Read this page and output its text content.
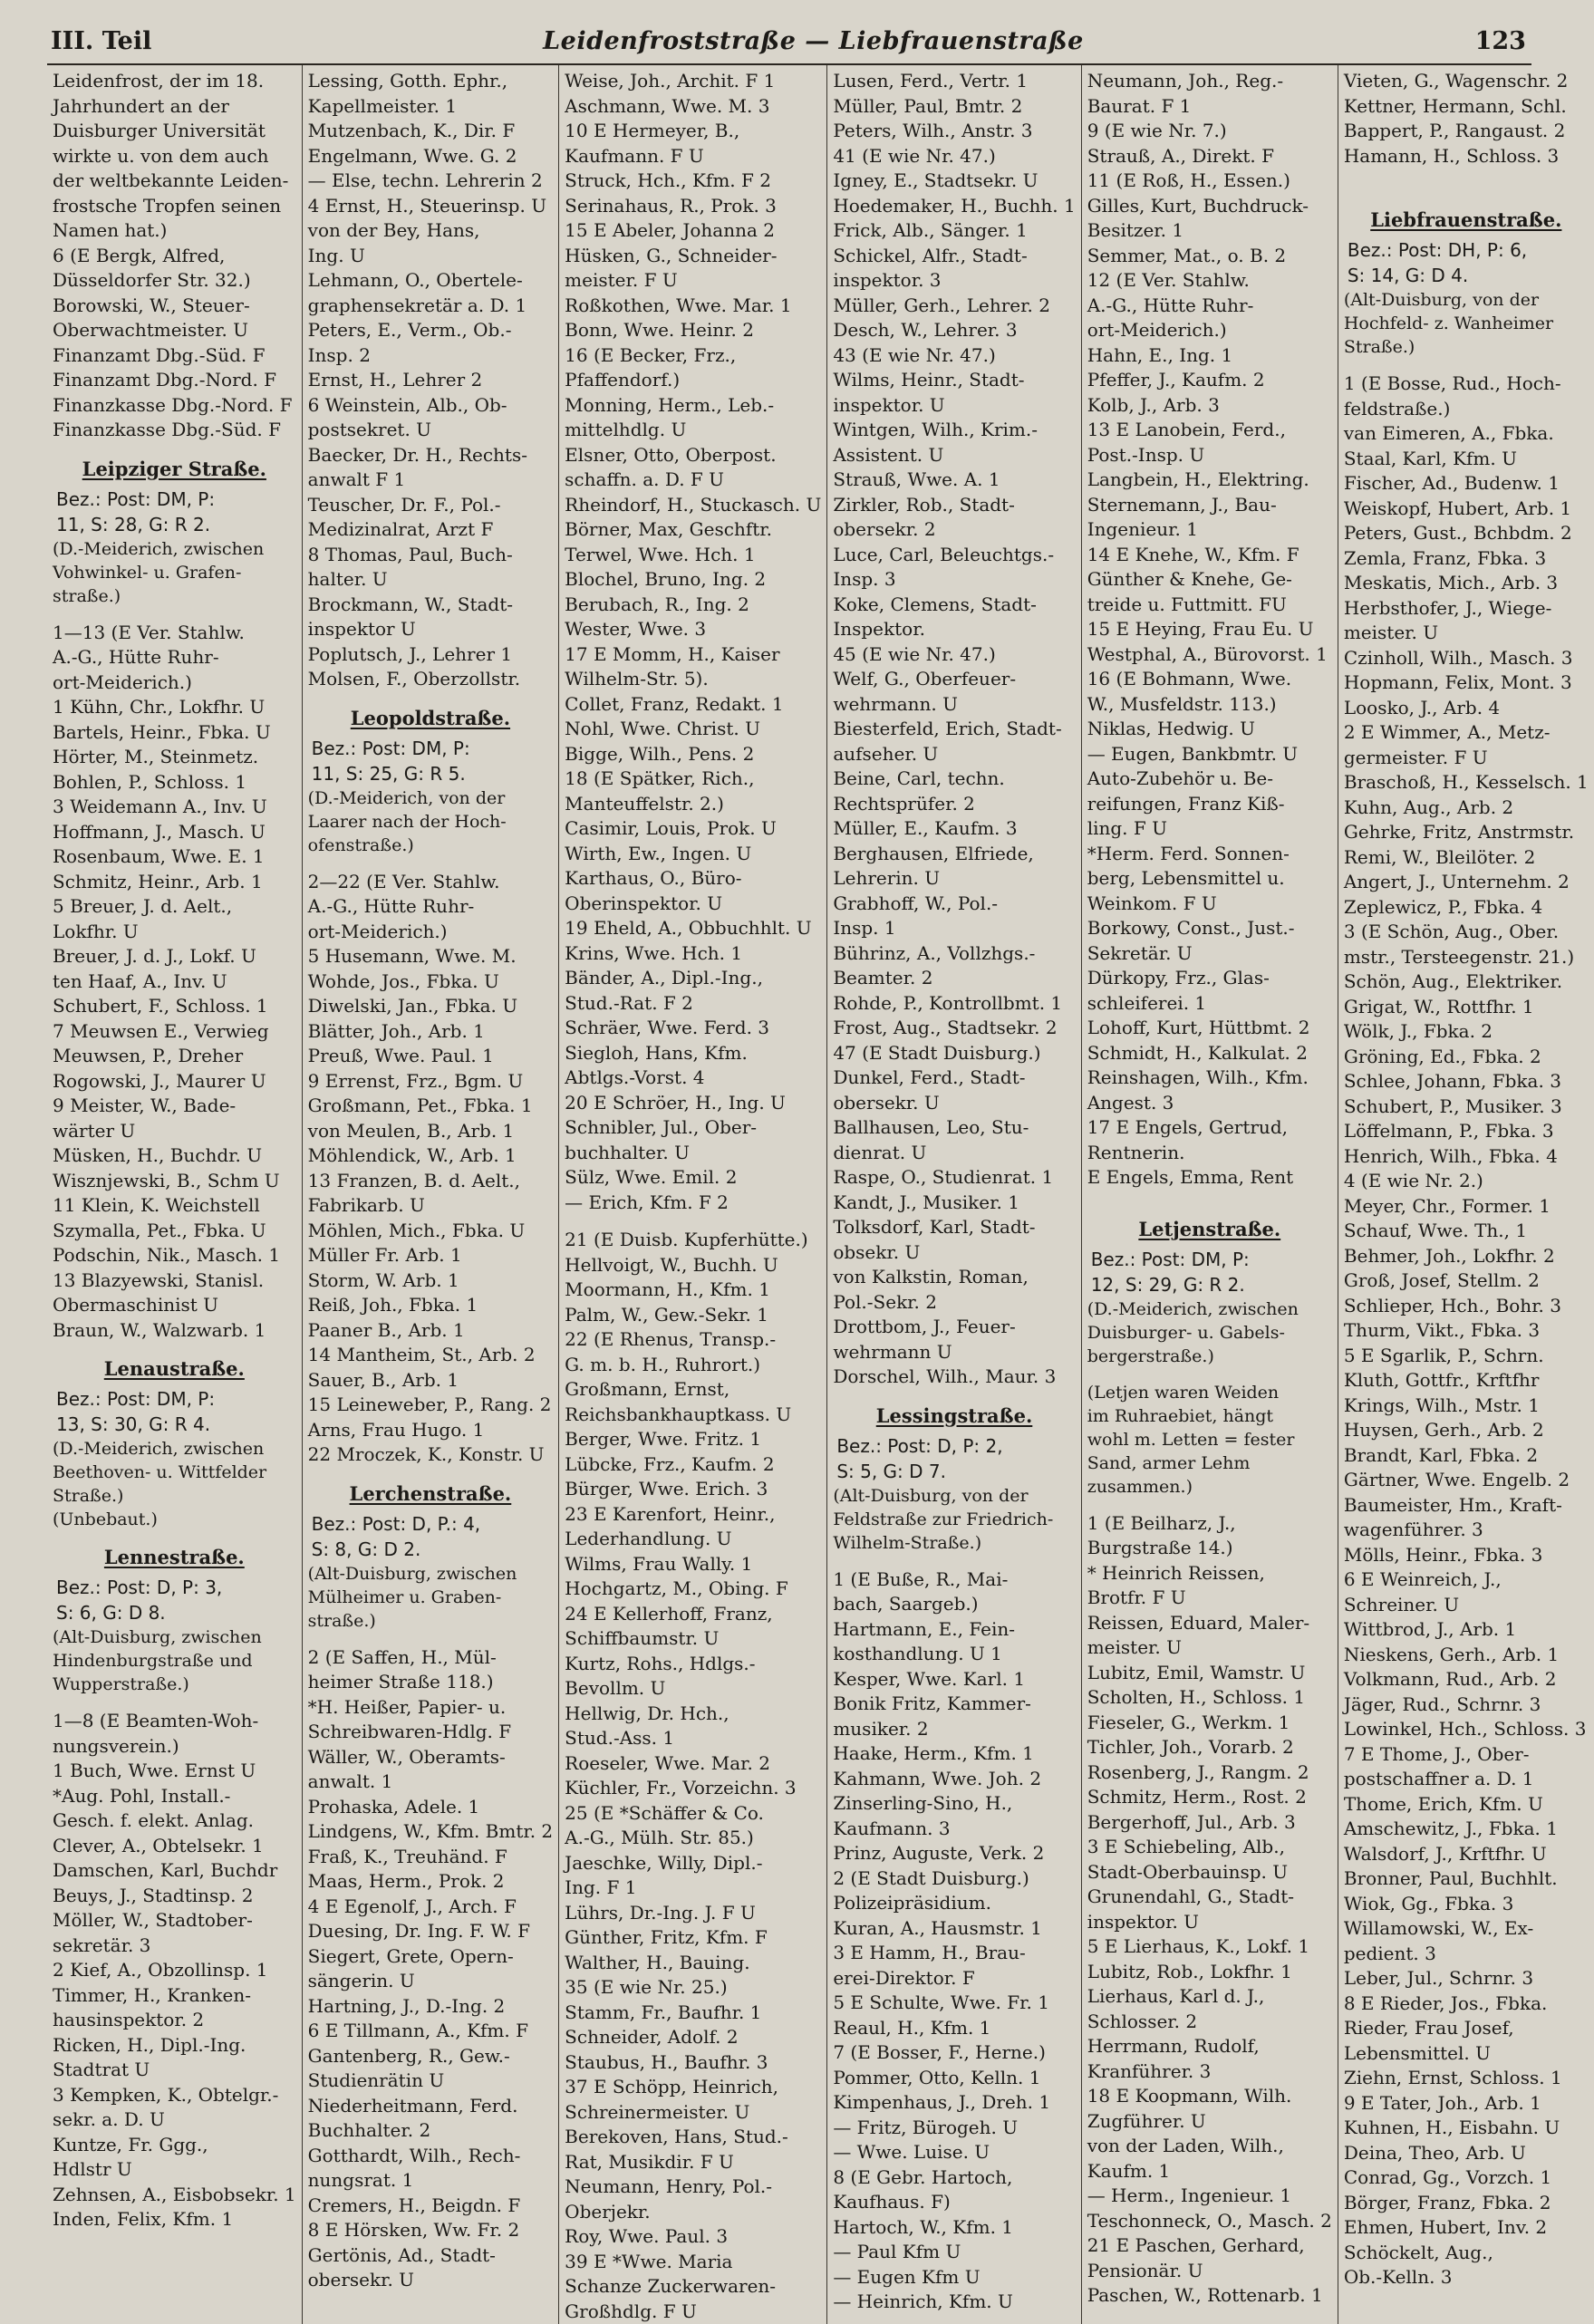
III. Teil	Leidenfroststraße — Liebfrauenstraße	123
Leidenfrost, der im 18.
Jahrhundert an der
Duisburger Universität
wirkte u. von dem auch
der weltbekannte Leiden-
frostsche Tropfen seinen
Namen hat.)
6 (E Bergk, Alfred,
Düsseldorfer Str. 32.)
Borowski, W., Steuer-
Oberwachtmeister. U
Finanzamt Dbg.-Süd. F
Finanzamt Dbg.-Nord. F
Finanzkasse Dbg.-Nord. F
Finanzkasse Dbg.-Süd. F
Leipziger Straße.
Bez.: Post: DM, P:
11, S: 28, G: R 2.
(D.-Meiderich, zwischen
Vohwinkel- u. Grafen-
straße.)
1—13 (E Ver. Stahlw.
A.-G., Hütte Ruhr-
ort-Meiderich.)
1 Kühn, Chr., Lokfhr. U
Bartels, Heinr., Fbka. U
Hörter, M., Steinmetz.
Bohlen, P., Schloss. 1
3 Weidemann A., Inv. U
Hoffmann, J., Masch. U
Rosenbaum, Wwe. E. 1
Schmitz, Heinr., Arb. 1
5 Breuer, J. d. Aelt.,
Lokfhr. U
Breuer, J. d. J., Lokf. U
ten Haaf, A., Inv. U
Schubert, F., Schloss. 1
7 Meuwsen E., Verwieg
Meuwsen, P., Dreher
Rogowski, J., Maurer U
9 Meister, W., Bade-
wärter U
Müsken, H., Buchdr. U
Wisznjewski, B., Schm U
11 Klein, K. Weichstell
Szymalla, Pet., Fbka. U
Podschin, Nik., Masch. 1
13 Blazyewski, Stanisl.
Obermaschinist U
Braun, W., Walzwarb. 1
Lenaustraße.
Bez.: Post: DM, P:
13, S: 30, G: R 4.
(D.-Meiderich, zwischen
Beethoven- u. Wittfelder
Straße.)
(Unbebaut.)
Lennestraße.
Bez.: Post: D, P: 3,
S: 6, G: D 8.
(Alt-Duisburg, zwischen
Hindenburgstraße und
Wupperstraße.)
1—8 (E Beamten-Woh-
nungsverein.)
1 Buch, Wwe. Ernst U
*Aug. Pohl, Install.-
Gesch. f. elekt. Anlag.
Clever, A., Obtelsekr. 1
Damschen, Karl, Buchdr
Beuys, J., Stadtinsp. 2
Möller, W., Stadtober-
sekretär. 3
2 Kief, A., Obzollinsp. 1
Timmer, H., Kranken-
hausinspektor. 2
Ricken, H., Dipl.-Ing.
Stadtrat U
3 Kempken, K., Obtelgr.-
sekr. a. D. U
Kuntze, Fr. Ggg.,
Hdlstr U
Zehnsen, A., Eisbobsekr. 1
Inden, Felix, Kfm. 1
Lessing, Gotth. Ephr.,
Kapellmeister. 1
Mutzenbach, K., Dir. F
Engelmann, Wwe. G. 2
— Else, techn. Lehrerin 2
4 Ernst, H., Steuerinsp. U
von der Bey, Hans,
Ing. U
Lehmann, O., Obertele-
graphensekretär a. D. 1
Peters, E., Verm., Ob.-
Insp. 2
Ernst, H., Lehrer 2
6 Weinstein, Alb., Ob-
postsekret. U
Baecker, Dr. H., Rechts-
anwalt F 1
Teuscher, Dr. F., Pol.-
Medizinalrat, Arzt F
8 Thomas, Paul, Buch-
halter. U
Brockmann, W., Stadt-
inspektor U
Poplutsch, J., Lehrer 1
Molsen, F., Oberzollstr.
Leopoldstraße.
Bez.: Post: DM, P:
11, S: 25, G: R 5.
(D.-Meiderich, von der
Laarer nach der Hoch-
ofenstraße.)
2—22 (E Ver. Stahlw.
A.-G., Hütte Ruhr-
ort-Meiderich.)
5 Husemann, Wwe. M.
Wohde, Jos., Fbka. U
Diwelski, Jan., Fbka. U
Blätter, Joh., Arb. 1
Preuß, Wwe. Paul. 1
9 Errenst, Frz., Bgm. U
Großmann, Pet., Fbka. 1
von Meulen, B., Arb. 1
Möhlendick, W., Arb. 1
13 Franzen, B. d. Aelt.,
Fabrikarb. U
Möhlen, Mich., Fbka. U
Müller Fr. Arb. 1
Storm, W. Arb. 1
Reiß, Joh., Fbka. 1
Paaner B., Arb. 1
14 Mantheim, St., Arb. 2
Sauer, B., Arb. 1
15 Leineweber, P., Rang. 2
Arns, Frau Hugo. 1
22 Mroczek, K., Konstr. U
Lerchenstraße.
Bez.: Post: D, P.: 4,
S: 8, G: D 2.
(Alt-Duisburg, zwischen
Mülheimer u. Graben-
straße.)
2 (E Saffen, H., Mül-
heimer Straße 118.)
*H. Heißer, Papier- u.
Schreibwaren-Hdlg. F
Wäller, W., Oberamts-
anwalt. 1
Prohaska, Adele. 1
Lindgens, W., Kfm. Bmtr. 2
Fraß, K., Treuhänd. F
Maas, Herm., Prok. 2
4 E Egenolf, J., Arch. F
Duesing, Dr. Ing. F. W. F
Siegert, Grete, Opern-
sängerin. U
Hartning, J., D.-Ing. 2
6 E Tillmann, A., Kfm. F
Gantenberg, R., Gew.-
Studienrätin U
Niederheitmann, Ferd.
Buchhalter. 2
Gotthardt, Wilh., Rech-
nungsrat. 1
Cremers, H., Beigdn. F
8 E Hörsken, Ww. Fr. 2
Gertönis, Ad., Stadt-
obersekr. U
Weise, Joh., Archit. F 1
Aschmann, Wwe. M. 3
10 E Hermeyer, B.,
Kaufmann. F U
Struck, Hch., Kfm. F 2
Serinahaus, R., Prok. 3
15 E Abeler, Johanna 2
Hüsken, G., Schneider-
meister. F U
Roßkothen, Wwe. Mar. 1
Bonn, Wwe. Heinr. 2
16 (E Becker, Frz.,
Pfaffendorf.)
Monning, Herm., Leb.-
mittelhdlg. U
Elsner, Otto, Oberpost.
schaffn. a. D. F U
Rheindorf, H., Stuckasch. U
Börner, Max, Geschftr.
Terwel, Wwe. Hch. 1
Blochel, Bruno, Ing. 2
Berubach, R., Ing. 2
Wester, Wwe. 3
17 E Momm, H., Kaiser
Wilhelm-Str. 5).
Collet, Franz, Redakt. 1
Nohl, Wwe. Christ. U
Bigge, Wilh., Pens. 2
18 (E Spätker, Rich.,
Manteuffelstr. 2.)
Casimir, Louis, Prok. U
Wirth, Ew., Ingen. U
Karthaus, O., Büro-
Oberinspektor. U
19 Eheld, A., Obbuchhlt. U
Krins, Wwe. Hch. 1
Bänder, A., Dipl.-Ing.,
Stud.-Rat. F 2
Schräer, Wwe. Ferd. 3
Siegloh, Hans, Kfm.
Abtlgs.-Vorst. 4
20 E Schröer, H., Ing. U
Schnibler, Jul., Ober-
buchhalter. U
Sülz, Wwe. Emil. 2
— Erich, Kfm. F 2
21 (E Duisb. Kupferhütte.)
Hellvoigt, W., Buchh. U
Moormann, H., Kfm. 1
Palm, W., Gew.-Sekr. 1
22 (E Rhenus, Transp.-
G. m. b. H., Ruhrort.)
Großmann, Ernst,
Reichsbankhauptkass. U
Berger, Wwe. Fritz. 1
Lübcke, Frz., Kaufm. 2
Bürger, Wwe. Erich. 3
23 E Karenfort, Heinr.,
Lederhandlung. U
Wilms, Frau Wally. 1
Hochgartz, M., Obing. F
24 E Kellerhoff, Franz,
Schiffbaumstr. U
Kurtz, Rohs., Hdlgs.-
Bevollm. U
Hellwig, Dr. Hch.,
Stud.-Ass. 1
Roeseler, Wwe. Mar. 2
Küchler, Fr., Vorzeichn. 3
25 (E *Schäffer & Co.
A.-G., Mülh. Str. 85.)
Jaeschke, Willy, Dipl.-
Ing. F 1
Lührs, Dr.-Ing. J. F U
Günther, Fritz, Kfm. F
Walther, H., Bauing.
35 (E wie Nr. 25.)
Stamm, Fr., Baufhr. 1
Schneider, Adolf. 2
Staubus, H., Baufhr. 3
37 E Schöpp, Heinrich,
Schreinermeister. U
Berekoven, Hans, Stud.-
Rat, Musikdir. F U
Neumann, Henry, Pol.-
Oberjekr.
Roy, Wwe. Paul. 3
39 E *Wwe. Maria
Schanze Zuckerwaren-
Großhdlg. F U
Lusen, Ferd., Vertr. 1
Müller, Paul, Bmtr. 2
Peters, Wilh., Anstr. 3
41 (E wie Nr. 47.)
Igney, E., Stadtsekr. U
Hoedemaker, H., Buchh. 1
Frick, Alb., Sänger. 1
Schickel, Alfr., Stadt-
inspektor. 3
Müller, Gerh., Lehrer. 2
Desch, W., Lehrer. 3
43 (E wie Nr. 47.)
Wilms, Heinr., Stadt-
inspektor. U
Wintgen, Wilh., Krim.-
Assistent. U
Strauß, Wwe. A. 1
Zirkler, Rob., Stadt-
obersekr. 2
Luce, Carl, Beleuchtgs.-
Insp. 3
Koke, Clemens, Stadt-
Inspektor.
45 (E wie Nr. 47.)
Welf, G., Oberfeuer-
wehrmann. U
Biesterfeld, Erich, Stadt-
aufseher. U
Beine, Carl, techn.
Rechtsprüfer. 2
Müller, E., Kaufm. 3
Berghausen, Elfriede,
Lehrerin. U
Grabhoff, W., Pol.-
Insp. 1
Bührinz, A., Vollzhgs.-
Beamter. 2
Rohde, P., Kontrollbmt. 1
Frost, Aug., Stadtsekr. 2
47 (E Stadt Duisburg.)
Dunkel, Ferd., Stadt-
obersekr. U
Ballhausen, Leo, Stu-
dienrat. U
Raspe, O., Studienrat. 1
Kandt, J., Musiker. 1
Tolksdorf, Karl, Stadt-
obsekr. U
von Kalkstin, Roman,
Pol.-Sekr. 2
Drottbom, J., Feuer-
wehrmann U
Dorschel, Wilh., Maur. 3
Lessingstraße.
Bez.: Post: D, P: 2,
S: 5, G: D 7.
(Alt-Duisburg, von der
Feldstraße zur Friedrich-
Wilhelm-Straße.)
1 (E Buße, R., Mai-
bach, Saargeb.)
Hartmann, E., Fein-
kosthandlung. U 1
Kesper, Wwe. Karl. 1
Bonik Fritz, Kammer-
musiker. 2
Haake, Herm., Kfm. 1
Kahmann, Wwe. Joh. 2
Zinserling-Sino, H.,
Kaufmann. 3
Prinz, Auguste, Verk. 2
2 (E Stadt Duisburg.)
Polizeipräsidium.
Kuran, A., Hausmstr. 1
3 E Hamm, H., Brau-
erei-Direktor. F
5 E Schulte, Wwe. Fr. 1
Reaul, H., Kfm. 1
7 (E Bosser, F., Herne.)
Pommer, Otto, Kelln. 1
Kimpenhaus, J., Dreh. 1
— Fritz, Bürogeh. U
— Wwe. Luise. U
8 (E Gebr. Hartoch,
Kaufhaus. F)
Hartoch, W., Kfm. 1
— Paul Kfm U
— Eugen Kfm U
— Heinrich, Kfm. U
Neumann, Joh., Reg.-
Baurat. F 1
9 (E wie Nr. 7.)
Strauß, A., Direkt. F
11 (E Roß, H., Essen.)
Gilles, Kurt, Buchdruck-
Besitzer. 1
Semmer, Mat., o. B. 2
12 (E Ver. Stahlw.
A.-G., Hütte Ruhr-
ort-Meiderich.)
Hahn, E., Ing. 1
Pfeffer, J., Kaufm. 2
Kolb, J., Arb. 3
13 E Lanobein, Ferd.,
Post.-Insp. U
Langbein, H., Elektring.
Sternemann, J., Bau-
Ingenieur. 1
14 E Knehe, W., Kfm. F
Günther & Knehe, Ge-
treide u. Futtmitt. FU
15 E Heying, Frau Eu. U
Westphal, A., Bürovorst. 1
16 (E Bohmann, Wwe.
W., Musfeldstr. 113.)
Niklas, Hedwig. U
— Eugen, Bankbmtr. U
Auto-Zubehör u. Be-
reifungen, Franz Kiß-
ling. F U
*Herm. Ferd. Sonnen-
berg, Lebensmittel u.
Weinkom. F U
Borkowy, Const., Just.-
Sekretär. U
Dürkopy, Frz., Glas-
schleiferei. 1
Lohoff, Kurt, Hüttbmt. 2
Schmidt, H., Kalkulat. 2
Reinshagen, Wilh., Kfm.
Angest. 3
17 E Engels, Gertrud,
Rentnerin.
E Engels, Emma, Rent
Letjenstraße.
Bez.: Post: DM, P:
12, S: 29, G: R 2.
(D.-Meiderich, zwischen
Duisburger- u. Gabels-
bergerstraße.)
(Letjen waren Weiden
im Ruhraebiet, hängt
wohl m. Letten = fester
Sand, armer Lehm
zusammen.)
1 (E Beilharz, J.,
Burgstraße 14.)
* Heinrich Reissen,
Brotfr. F U
Reissen, Eduard, Maler-
meister. U
Lubitz, Emil, Wamstr. U
Scholten, H., Schloss. 1
Fieseler, G., Werkm. 1
Tichler, Joh., Vorarb. 2
Rosenberg, J., Rangm. 2
Schmitz, Herm., Rost. 2
Bergerhoff, Jul., Arb. 3
3 E Schiebeling, Alb.,
Stadt-Oberbauinsp. U
Grunendahl, G., Stadt-
inspektor. U
5 E Lierhaus, K., Lokf. 1
Lubitz, Rob., Lokfhr. 1
Lierhaus, Karl d. J.,
Schlosser. 2
Herrmann, Rudolf,
Kranführer. 3
18 E Koopmann, Wilh.
Zugführer. U
von der Laden, Wilh.,
Kaufm. 1
— Herm., Ingenieur. 1
Teschonneck, O., Masch. 2
21 E Paschen, Gerhard,
Pensionär. U
Paschen, W., Rottenarb. 1
Vieten, G., Wagenschr. 2
Kettner, Hermann, Schl.
Bappert, P., Rangaust. 2
Hamann, H., Schloss. 3
Liebfrauenstraße.
Bez.: Post: DH, P: 6,
S: 14, G: D 4.
(Alt-Duisburg, von der
Hochfeld- z. Wanheimer
Straße.)
1 (E Bosse, Rud., Hoch-
feldstraße.)
van Eimeren, A., Fbka.
Staal, Karl, Kfm. U
Fischer, Ad., Budenw. 1
Weiskopf, Hubert, Arb. 1
Peters, Gust., Bchbdm. 2
Zemla, Franz, Fbka. 3
Meskatis, Mich., Arb. 3
Herbsthofer, J., Wiege-
meister. U
Czinholl, Wilh., Masch. 3
Hopmann, Felix, Mont. 3
Loosko, J., Arb. 4
2 E Wimmer, A., Metz-
germeister. F U
Braschoß, H., Kesselsch. 1
Kuhn, Aug., Arb. 2
Gehrke, Fritz, Anstrmstr.
Remi, W., Bleilöter. 2
Angert, J., Unternehm. 2
Zeplewicz, P., Fbka. 4
3 (E Schön, Aug., Ober.
mstr., Tersteegenstr. 21.)
Schön, Aug., Elektriker.
Grigat, W., Rottfhr. 1
Wölk, J., Fbka. 2
Gröning, Ed., Fbka. 2
Schlee, Johann, Fbka. 3
Schubert, P., Musiker. 3
Löffelmann, P., Fbka. 3
Henrich, Wilh., Fbka. 4
4 (E wie Nr. 2.)
Meyer, Chr., Former. 1
Schauf, Wwe. Th., 1
Behmer, Joh., Lokfhr. 2
Groß, Josef, Stellm. 2
Schlieper, Hch., Bohr. 3
Thurm, Vikt., Fbka. 3
5 E Sgarlik, P., Schrn.
Kluth, Gottfr., Krftfhr
Krings, Wilh., Mstr. 1
Huysen, Gerh., Arb. 2
Brandt, Karl, Fbka. 2
Gärtner, Wwe. Engelb. 2
Baumeister, Hm., Kraft-
wagenführer. 3
Mölls, Heinr., Fbka. 3
6 E Weinreich, J.,
Schreiner. U
Wittbrod, J., Arb. 1
Nieskens, Gerh., Arb. 1
Volkmann, Rud., Arb. 2
Jäger, Rud., Schrnr. 3
Lowinkel, Hch., Schloss. 3
7 E Thome, J., Ober-
postschaffner a. D. 1
Thome, Erich, Kfm. U
Amschewitz, J., Fbka. 1
Walsdorf, J., Krftfhr. U
Bronner, Paul, Buchhlt.
Wiok, Gg., Fbka. 3
Willamowski, W., Ex-
pedient. 3
Leber, Jul., Schrnr. 3
8 E Rieder, Jos., Fbka.
Rieder, Frau Josef,
Lebensmittel. U
Ziehn, Ernst, Schloss. 1
9 E Tater, Joh., Arb. 1
Kuhnen, H., Eisbahn. U
Deina, Theo, Arb. U
Conrad, Gg., Vorzch. 1
Börger, Franz, Fbka. 2
Ehmen, Hubert, Inv. 2
Schöckelt, Aug.,
Ob.-Kelln. 3
